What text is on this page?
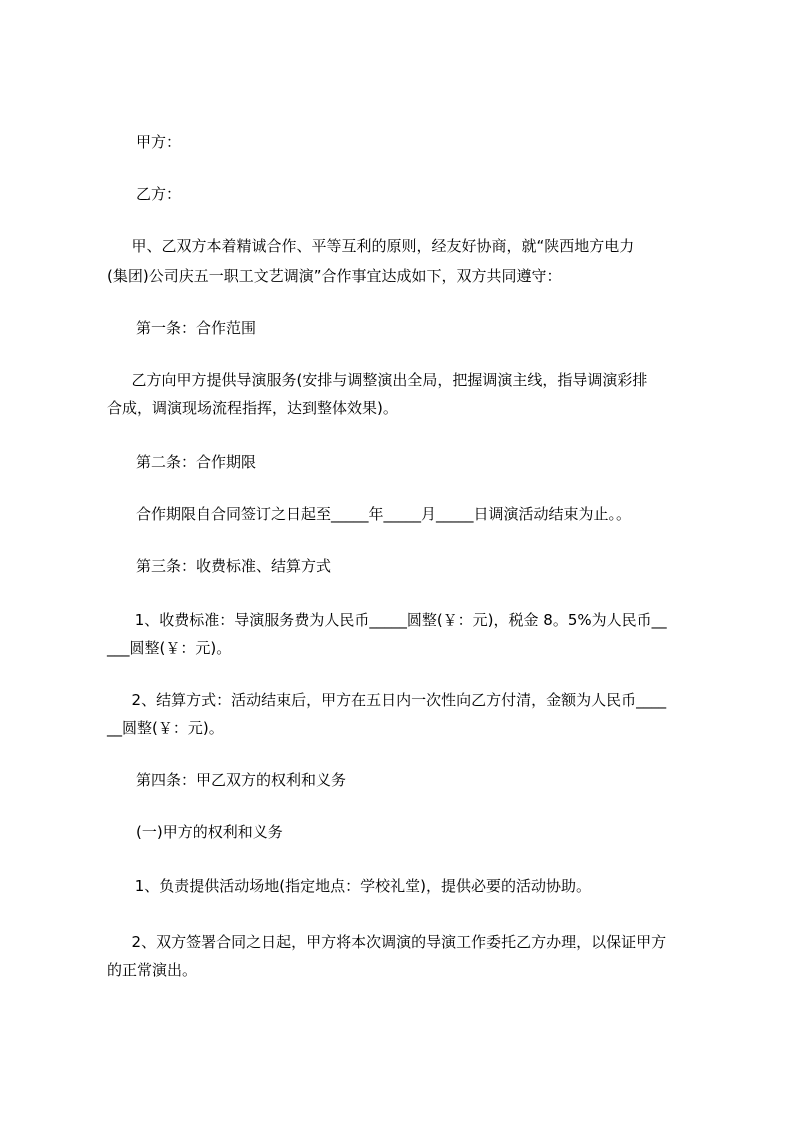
甲方：
乙方：
甲、乙双方本着精诚合作、平等互利的原则，经友好协商，就“陕西地方电力
(集团)公司庆五一职工文艺调演”合作事宜达成如下，双方共同遵守：
第一条：合作范围
乙方向甲方提供导演服务(安排与调整演出全局，把握调演主线，指导调演彩排
合成，调演现场流程指挥，达到整体效果)。
第二条：合作期限
合作期限自合同签订之日起至_____年_____月_____日调演活动结束为止。。
第三条：收费标准、结算方式
1、收费标准：导演服务费为人民币_____圆整(￥：元)，税金 8。5%为人民币__
___圆整(￥：元)。
2、结算方式：活动结束后，甲方在五日内一次性向乙方付清，金额为人民币____
__圆整(￥：元)。
第四条：甲乙双方的权利和义务
(一)甲方的权利和义务
1、负责提供活动场地(指定地点：学校礼堂)，提供必要的活动协助。
2、双方签署合同之日起，甲方将本次调演的导演工作委托乙方办理，以保证甲方
的正常演出。
